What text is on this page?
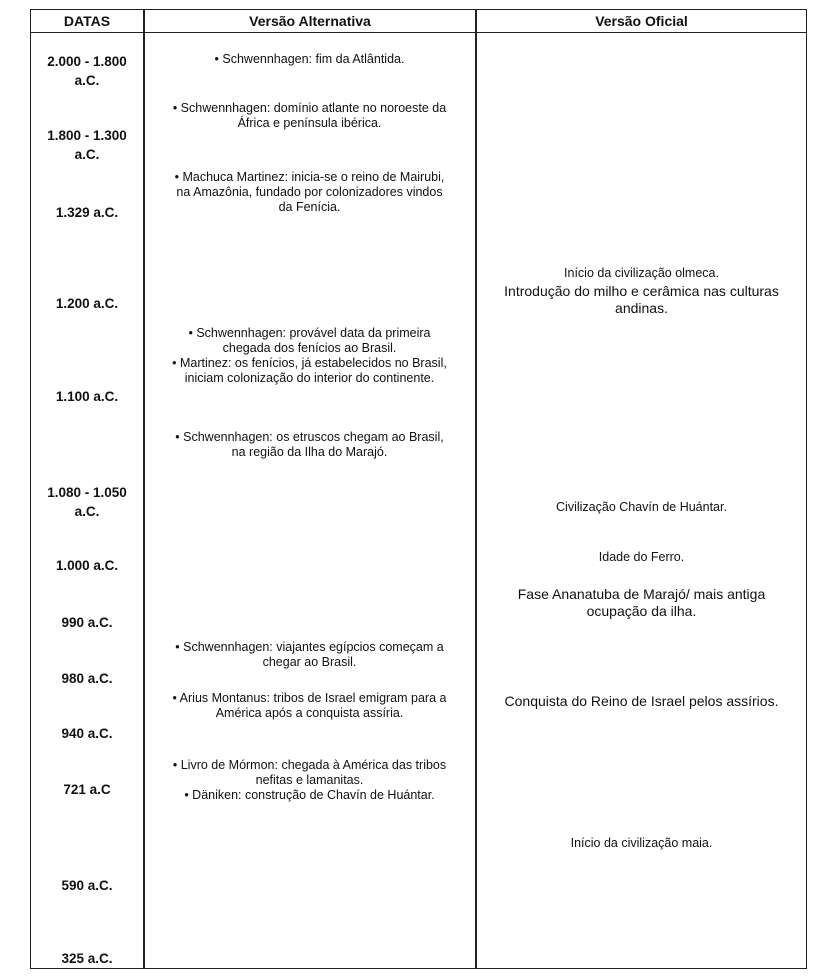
DATAS	Versão Alternativa	Versão Oficial
2.000 - 1.800
a.C.
1.800 - 1.300
a.C.
1.329 a.C.
1.200 a.C.
1.100 a.C.
1.080 - 1.050
a.C.
1.000 a.C.
990 a.C.
980 a.C.
940 a.C.
721 a.C
590 a.C.
325 a.C.
• Schwennhagen: fim da Atlântida.
• Schwennhagen: domínio atlante no noroeste da
África e península ibérica.
• Machuca Martinez: inicia-se o reino de Mairubi,
na Amazônia, fundado por colonizadores vindos
da Fenícia.
• Schwennhagen: provável data da primeira
chegada dos fenícios ao Brasil.
• Martinez: os fenícios, já estabelecidos no Brasil,
iniciam colonização do interior do continente.
• Schwennhagen: os etruscos chegam ao Brasil,
na região da Ilha do Marajó.
• Schwennhagen: viajantes egípcios começam a
chegar ao Brasil.
• Arius Montanus: tribos de Israel emigram para a
América após a conquista assíria.
• Livro de Mórmon: chegada à América das tribos
nefitas e lamanitas.
• Däniken: construção de Chavín de Huántar.
Início da civilização olmeca.
Introdução do milho e cerâmica nas culturas
andinas.
Civilização Chavín de Huántar.
Idade do Ferro.
Fase Ananatuba de Marajó/ mais antiga
ocupação da ilha.
Conquista do Reino de Israel pelos assírios.
Início da civilização maia.
